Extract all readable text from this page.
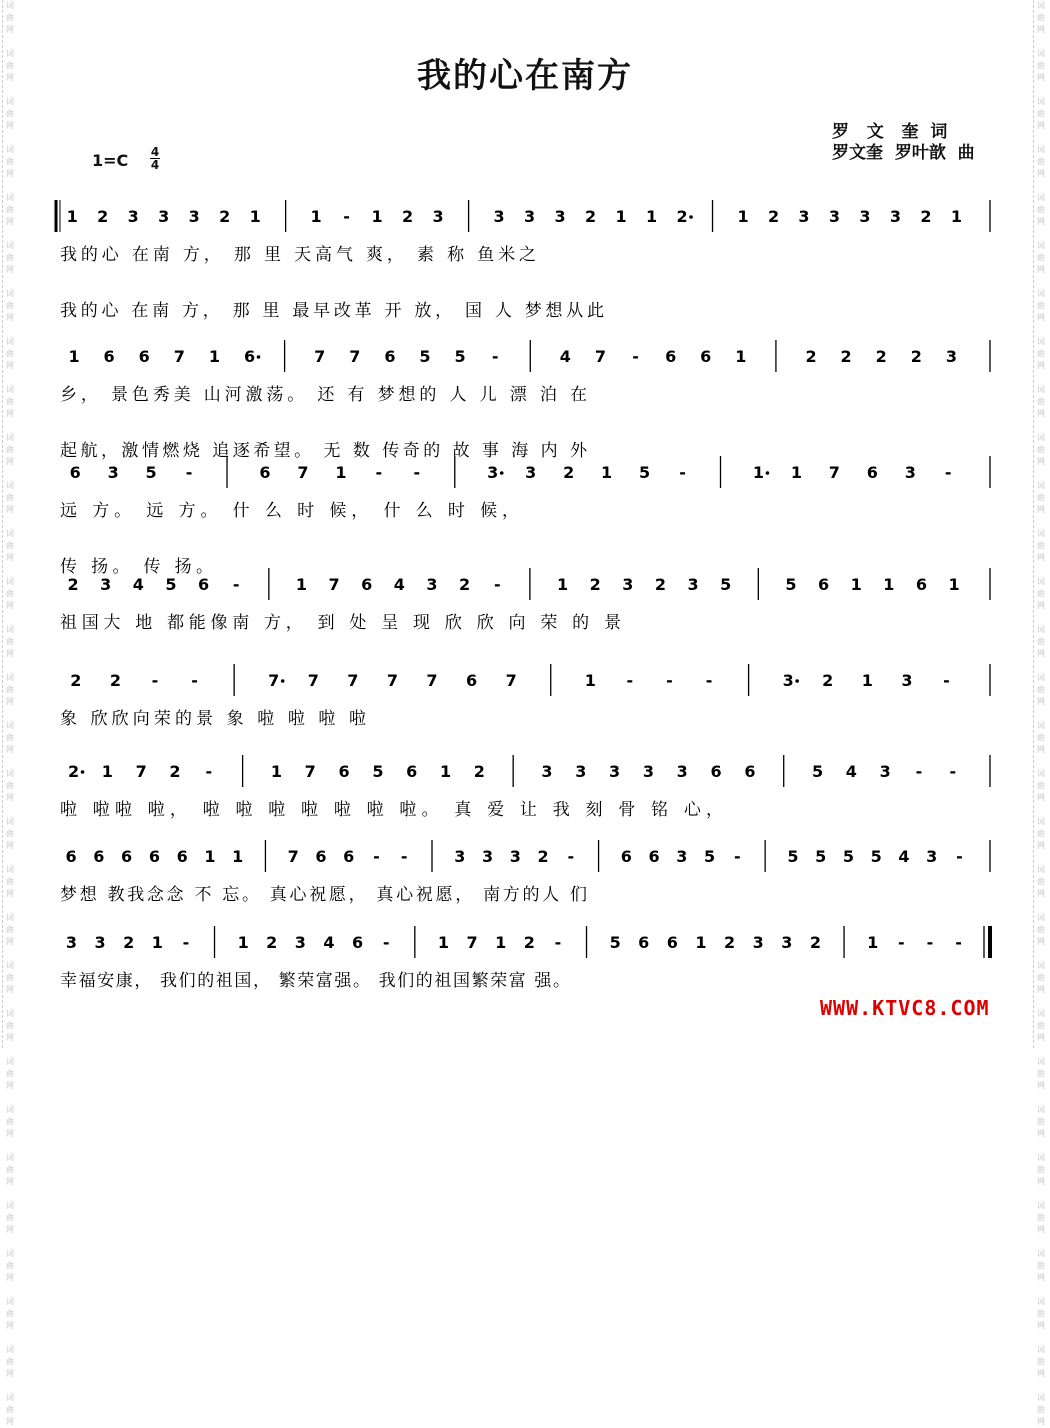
词
曲
网

词
曲
网

词
曲
网

词
曲
网

词
曲
网

词
曲
网

词
曲
网

词
曲
网

词
曲
网

词
曲
网

词
曲
网

词
曲
网

词
曲
网

词
曲
网

词
曲
网

词
曲
网

词
曲
网

词
曲
网

词
曲
网

词
曲
网

词
曲
网

词
曲
网

词
曲
网

词
曲
网

词
曲
网

词
曲
网

词
曲
网

词
曲
网

词
曲
网

词
曲
网

词
曲
网

词
曲
网

词
曲
网

词
曲
网

词
曲
网

词
曲
网

词
曲
网

词
曲
网

词
曲
网

词
曲
网

词
曲
网

词
曲
网

词
曲
网

词
曲
网

词
曲
网

词
曲
网

词
曲
网

词
曲
网

词
曲
网

词
曲
网

词
曲
网

词
曲
网

词
曲
网

词
曲
网

词
曲
网

词
曲
网

词
曲
网

词
曲
网

词
曲
网

词
曲
网

我的心在南方
罗   文   奎  词
罗文奎  罗叶歆  曲
1=C 4
4
1 2 3 3 3 2 1	1 - 1 2 3	3 3 3 2 1 1 2	1 2 3 3 3 3 2 1
我的心 在南 方， 那 里 天高气 爽， 素 称 鱼米之
我的心 在南 方， 那 里 最早改革 开 放， 国 人 梦想从此
1 6 6 7 1 6	7 7 6 5 5 -	4 7 - 6 6 1	2 2 2 2 3
乡， 景色秀美 山河激荡。 还 有 梦想的 人 儿 漂 泊 在
起航，激情燃烧 追逐希望。 无 数 传奇的 故 事 海 内 外
6 3 5 -	6 7 1 - -	3 3 2 1 5 -	1 1 7 6 3 -
远 方。 远 方。 什 么 时 候， 什 么 时 候，
传 扬。 传 扬。
2 3 4 5 6 -	1 7 6 4 3 2 -	1 2 3 2 3 5	5 6 1 1 6 1
祖国大 地 都能像南 方， 到 处 呈 现 欣 欣 向 荣 的 景
2 2 - -	7 7 7 7 7 6 7	1 - - -	3 2 1 3 -
象 欣欣向荣的景 象 啦 啦 啦 啦
2 1 7 2 -	1 7 6 5 6 1 2	3 3 3 3 3 6 6	5 4 3 - -
啦 啦啦 啦， 啦 啦 啦 啦 啦 啦 啦。 真 爱 让 我 刻 骨 铭 心，
6 6 6 6 6 1 1	7 6 6 - -	3 3 3 2 -	6 6 3 5 -	5 5 5 5 4 3 -
梦想 教我念念 不 忘。 真心祝愿， 真心祝愿， 南方的人 们
3 3 2 1 -	1 2 3 4 6 -	1 7 1 2 -	5 6 6 1 2 3 3 2	1 - - -
幸福安康， 我们的祖国， 繁荣富强。 我们的祖国繁荣富 强。
WWW.KTVC8.COM
